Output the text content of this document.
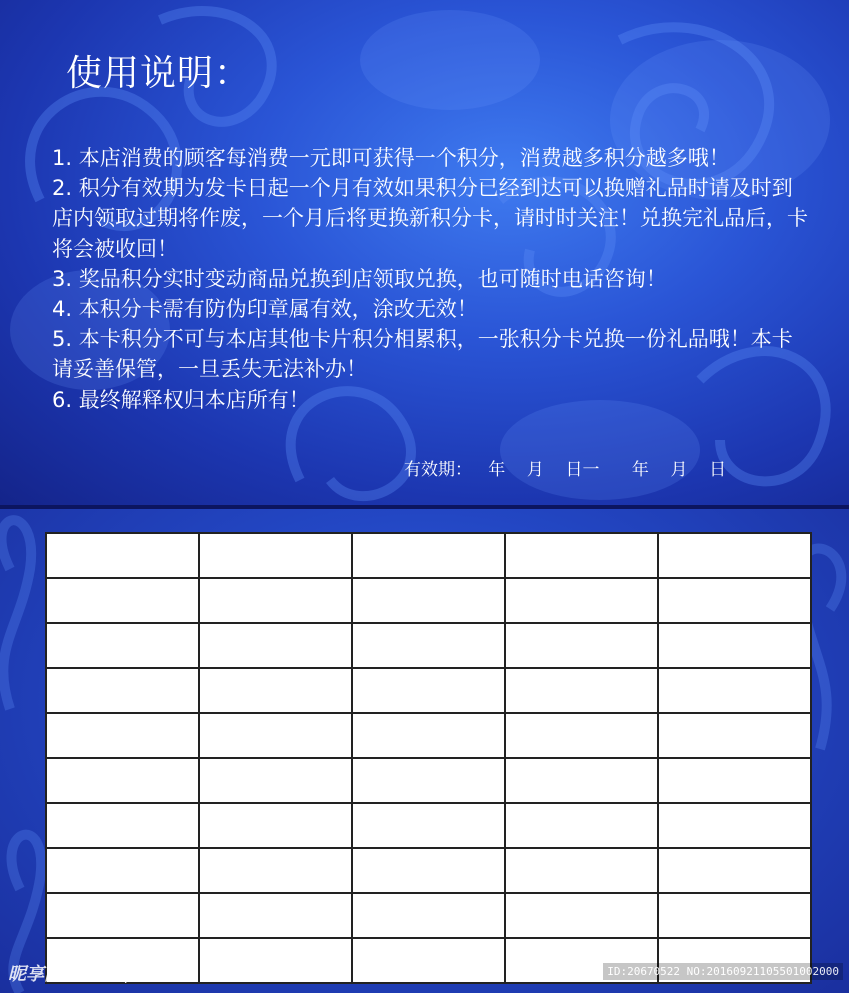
使用说明：
1. 本店消费的顾客每消费一元即可获得一个积分，消费越多积分越多哦！
2. 积分有效期为发卡日起一个月有效如果积分已经到达可以换赠礼品时请及时到店内领取过期将作废，一个月后将更换新积分卡，请时时关注！兑换完礼品后，卡将会被收回！
3. 奖品积分实时变动商品兑换到店领取兑换，也可随时电话咨询！
4. 本积分卡需有防伪印章属有效，涂改无效！
5. 本卡积分不可与本店其他卡片积分相累积，一张积分卡兑换一份礼品哦！本卡请妥善保管，一旦丢失无法补办！
6. 最终解释权归本店所有！
有效期：   年    月    日一      年    月    日

昵享网 www.nipic.cn	ID:20670522 NO:20160921105501002000
